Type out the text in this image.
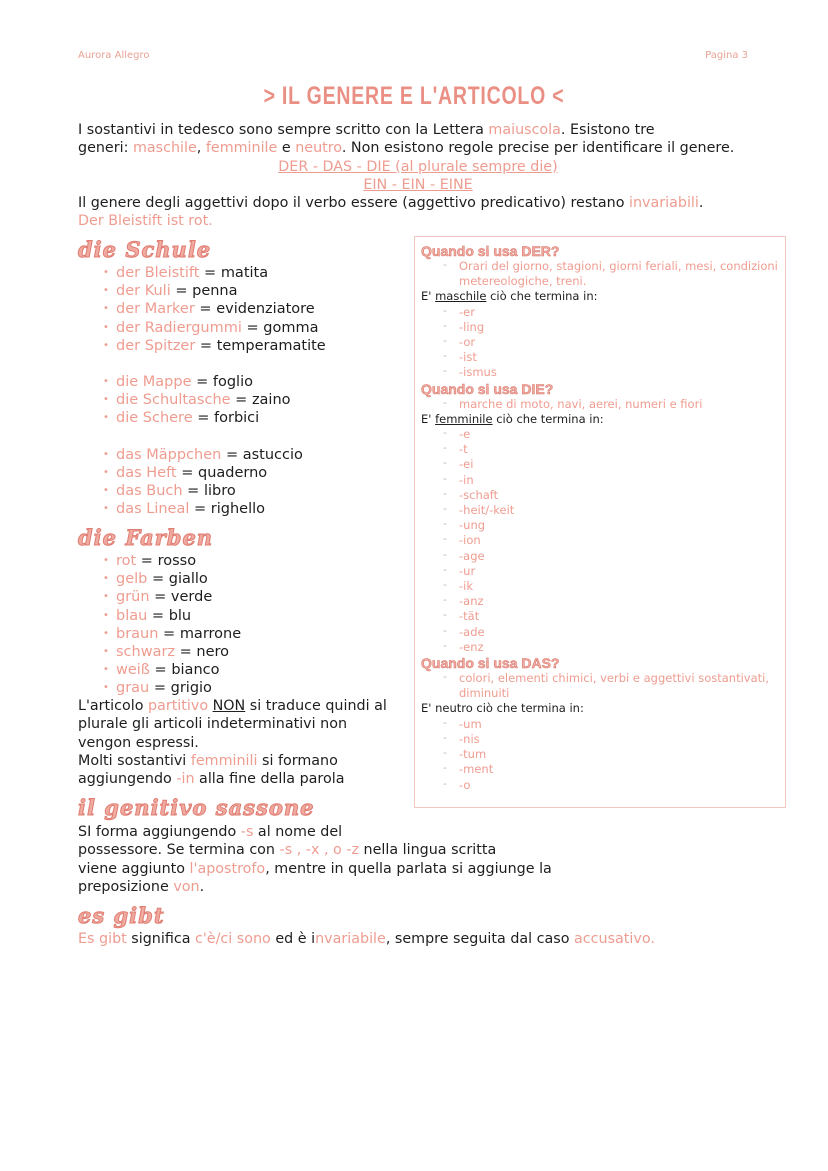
Aurora Allegro	Pagina 3
> IL GENERE E L'ARTICOLO <

I sostantivi in tedesco sono sempre scritto con la Lettera maiuscola. Esistono tre

generi: maschile, femminile e neutro. Non esistono regole precise per identificare il genere.

DER - DAS - DIE (al plurale sempre die)

EIN - EIN - EINE

Il genere degli aggettivi dopo il verbo essere (aggettivo predicativo) restano invariabili.

Der Bleistift ist rot.

die Schule
• der Bleistift = matita
• der Kuli = penna
• der Marker = evidenziatore
• der Radiergummi = gomma
• der Spitzer = temperamatite
• die Mappe = foglio
• die Schultasche = zaino
• die Schere = forbici
• das Mäppchen = astuccio
• das Heft = quaderno
• das Buch = libro
• das Lineal = righello
die Farben
• rot = rosso
• gelb = giallo
• grün = verde
• blau = blu
• braun = marrone
• schwarz = nero
• weiß = bianco
• grau = grigio

L'articolo partitivo NON si traduce quindi al

plurale gli articoli indeterminativi non

vengon espressi.

Molti sostantivi femminili si formano

aggiungendo -in alla fine della parola

il genitivo sassone

SI forma aggiungendo -s al nome del

possessore. Se termina con -s , -x , o -z nella lingua scritta

viene aggiunto l'apostrofo, mentre in quella parlata si aggiunge la

preposizione von.

es gibt

Es gibt significa c'è/ci sono ed è invariabile, sempre seguita dal caso accusativo.

Quando si usa DER?
- Orari del giorno, stagioni, giorni feriali, mesi, condizioni metereologiche, treni.
E' maschile ciò che termina in:
- -er
- -ling
- -or
- -ist
- -ismus
Quando si usa DIE?
- marche di moto, navi, aerei, numeri e fiori
E' femminile ciò che termina in:
- -e
- -t
- -ei
- -in
- -schaft
- -heit/-keit
- -ung
- -ion
- -age
- -ur
- -ik
- -anz
- -tät
- -ade
- -enz
Quando si usa DAS?
- colori, elementi chimici, verbi e aggettivi sostantivati, diminuiti
E' neutro ciò che termina in:
- -um
- -nis
- -tum
- -ment
- -o
